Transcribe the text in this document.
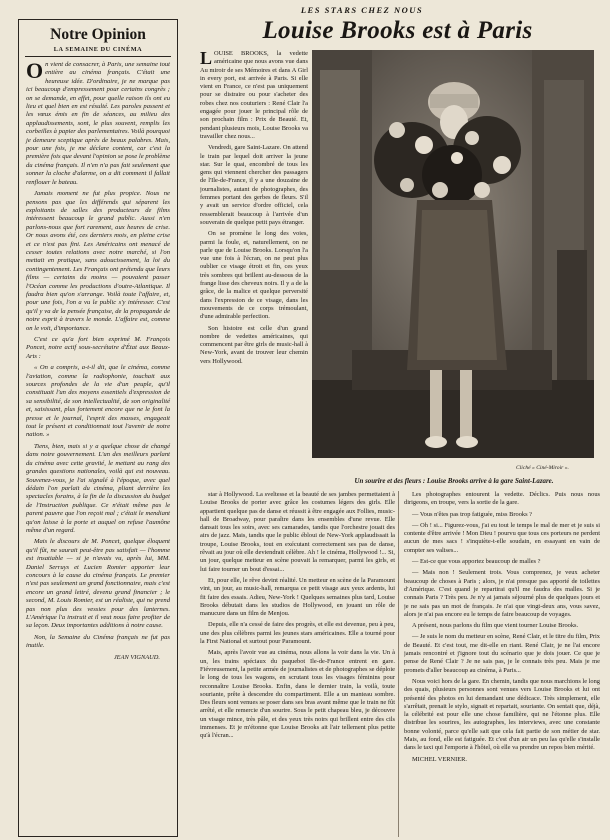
LES STARS CHEZ NOUS
Notre Opinion
LA SEMAINE DU CINÉMA

On vient de consacrer, à Paris, une semaine tout entière au cinéma français. C'était une heureuse idée. D'ordinaire, je ne marque pas ici beaucoup d'empressement pour certains congrès ; on se demande, en effet, pour quelle raison ils ont eu lieu et quel bien en est résulté. Les paroles passent et les vœux émis en fin de séances, au milieu des applaudissements, sont, le plus souvent, remplis les corbeilles à papier des parlementaires. Voilà pourquoi je demeure sceptique après de beaux palabres. Mais, pour une fois, je me déclare content, car c'est la première fois que devant l'opinion se pose le problème du cinéma français. Il n'en n'a pas fait seulement que sonner la cloche d'alarme, on a dit comment il fallait renflouer le bateau.

Jamais moment ne fut plus propice. Nous ne pensons pas que les différends qui séparent les exploitants de salles des producteurs de films intéressent beaucoup le grand public. Aussi n'en parlons-nous que fort rarement, aux heures de crise. Or nous avons été, ces derniers mois, en pleine crise et ce n'est pas fini. Les Américains ont menacé de cesser toutes relations avec notre marché, si l'on mettait en pratique, sans adoucissement, la loi du contingentement. Les Français ont prétendu que leurs films — certains du moins — pouvaient passer l'Océan comme les productions d'outre-Atlantique. Il faudra bien qu'on s'arrange. Voilà toute l'affaire, et, pour une fois, l'on a vu le public s'y intéresser. C'est qu'il y va de la pensée française, de la propagande de notre esprit à travers le monde. L'affaire est, comme on le voit, d'importance.

C'est ce qu'a fort bien exprimé M. François Poncet, notre actif sous-secrétaire d'État aux Beaux-Arts :

« On a compris, a-t-il dit, que le cinéma, comme l'aviation, comme la radiophonie, touchait aux sources profondes de la vie d'un peuple, qu'il constituait l'un des moyens essentiels d'expression de sa sensibilité, de son intellectualité, de son originalité et, saisissant, plus fortement encore que ne le font la presse et le journal, l'esprit des masses, engageait tout le présent et conditionnait tout l'avenir de notre nation. »

Tiens, bien, mais si y a quelque chose de changé dans notre gouvernement. L'un des meilleurs parlant du cinéma avec cette gravité, le mettant au rang des grandes questions nationales, voilà qui est nouveau. Souvenez-vous, je l'ai signalé à l'époque, avec quel dédain l'on parlait du cinéma, pliant derrière les spectacles forains, à la fin de la discussion du budget de l'Instruction publique. Ce n'était même pas le parent pauvre que l'on reçoit mal ; c'était le mendiant qu'on laisse à la porte et auquel on refuse l'aumône même d'un regard.

Mais le discours de M. Poncet, quelque éloquent qu'il fût, ne saurait peut-être pas satisfait — l'homme est insatiable — si je n'avais vu, après lui, MM. Daniel Serruys et Lucien Romier apporter leur concours à la cause du cinéma français. Le premier n'est pas seulement un grand fonctionnaire, mais c'est encore un grand lettré, devenu grand financier ; le second, M. Louis Romier, est un réaliste, qui ne prend pas non plus des vessies pour des lanternes. L'Amérique l'a instruit et il veut nous faire profiter de sa leçon. Deux importantes additions à notre cause.

Non, la Semaine du Cinéma français ne fut pas inutile.

JEAN VIGNAUD.
Louise Brooks est à Paris

LOUISE BROOKS, la vedette américaine que nous avons vue dans Au miroir de ses Mémoires et dans A Girl in every port, est arrivée à Paris. Si elle vient en France, ce n'est pas uniquement pour se distraire ou pour s'acheter des robes chez nos couturiers : René Clair l'a engagée pour jouer le principal rôle de son prochain film : Prix de Beauté. Et, pendant plusieurs mois, Louise Brooks va travailler chez nous...

Vendredi, gare Saint-Lazare. On attend le train par lequel doit arriver la jeune star. Sur le quai, encombré de tous les gens qui viennent chercher des passagers de l'Ile-de-France, il y a une douzaine de journalistes, autant de photographes, des femmes portant des gerbes de fleurs. S'il y avait un service d'ordre officiel, cela ressemblerait beaucoup à l'arrivée d'un souverain de quelque petit pays étranger.

On se promène le long des voies, parmi la foule, et, naturellement, on ne parle que de Louise Brooks. Lorsqu'on l'a vue une fois à l'écran, on ne peut plus oublier ce visage étroit et fin, ces yeux très sombres qui brillent au-dessous de la frange lisse des cheveux noirs. Il y a de la grâce, de la malice et quelque perversité dans l'expression de ce visage, dans les mouvements de ce corps trémoulant, d'une admirable perfection.

Son histoire est celle d'un grand nombre de vedettes américaines, qui commencent par être girls de music-hall à New-York, avant de trouver leur chemin vers Hollywood.

Cliché « Ciné-Miroir ».
Un sourire et des fleurs : Louise Brooks arrive à la gare Saint-Lazare.

star à Hollywood. La sveltesse et la beauté de ses jambes permettaient à Louise Brooks de porter avec grâce les costumes légers des girls. Elle appartient quelque pas de danse et réussit à être engagée aux Follies, music-hall de Broadway, pour paraître dans les ensembles d'une revue. Elle dansait tous les soirs, avec ses camarades, tandis que l'orchestre jouait des airs de jazz. Mais, tandis que le public ébloui de New-York applaudissait la troupe, Louise Brooks, tout en exécutant correctement ses pas de danse, rêvait au jour où elle deviendrait célèbre. Ah ! le cinéma, Hollywood !... Si, un jour, quelque metteur en scène pouvait la remarquer, parmi les girls, et lui faire tourner un bout d'essai...

Et, pour elle, le rêve devint réalité. Un metteur en scène de la Paramount vint, un jour, au music-hall, remarqua ce petit visage aux yeux ardents, lui fit faire des essais. Adieu, New-York ! Quelques semaines plus tard, Louise Brooks débutait dans les studios de Hollywood, en jouant un rôle de manucure dans un film de Menjou.

Depuis, elle n'a cessé de faire des progrès, et elle est devenue, peu à peu, une des plus célèbres parmi les jeunes stars américaines. Elle a tourné pour la First National et surtout pour Paramount.

Mais, après l'avoir vue au cinéma, nous allons la voir dans la vie. Un à un, les trains spéciaux du paquebot Ile-de-France entrent en gare. Fiévreusement, la petite armée de journalistes et de photographes se déploie le long de tous les wagons, en scrutant tous les visages féminins pour reconnaître Louise Brooks. Enfin, dans le dernier train, la voilà, toute souriante, prête à descendre du compartiment. Elle a un manteau sombre. Des fleurs sont venues se poser dans ses bras avant même que le train ne fût arrêté, et elle remercie d'un sourire. Sous le petit chapeau bleu, je découvre un visage mince, très pâle, et des yeux très noirs qui brillent entre des cils immenses. Et je m'étonne que Louise Brooks ait l'air tellement plus petite qu'à l'écran...

Les photographes entourent la vedette. Déclics. Puis nous nous dirigeons, en troupe, vers la sortie de la gare.

— Vous n'êtes pas trop fatiguée, miss Brooks ?

— Oh ! si... Figurez-vous, j'ai eu tout le temps le mal de mer et je suis si contente d'être arrivée ! Mon Dieu ! pourvu que tous ces porteurs ne perdent aucun de mes sacs ! s'inquiète-t-elle soudain, en essayant en vain de compter ses valises...

— Est-ce que vous apportez beaucoup de malles ?

— Mais non ! Seulement trois. Vous comprenez, je veux acheter beaucoup de choses à Paris ; alors, je n'ai presque pas apporté de toilettes d'Amérique. C'est quand je repartirai qu'il me faudra des malles. Si je connais Paris ? Très peu. Je n'y ai jamais séjourné plus de quelques jours et je ne sais pas un mot de français. Je n'ai que vingt-deux ans, vous savez, alors je n'ai pas encore eu le temps de faire beaucoup de voyages.

A présent, nous parlons du film que vient tourner Louise Brooks.

— Je suis le nom du metteur en scène, René Clair, et le titre du film, Prix de Beauté. Et c'est tout, me dit-elle en riant. René Clair, je ne l'ai encore jamais rencontré et j'ignore tout du scénario que je dois jouer. Ce que je pense de René Clair ? Je ne sais pas, je le connais très peu. Mais je me promets d'aller beaucoup au cinéma, à Paris...

Nous voici hors de la gare. En chemin, tandis que nous marchions le long des quais, plusieurs personnes sont venues vers Louise Brooks et lui ont présenté des photos en lui demandant une dédicace. Très simplement, elle s'arrêtait, prenait le stylo, signait et repartait, souriante. On sentait que, déjà, la célébrité est pour elle une chose familière, qui ne l'étonne plus. Elle distribue les sourires, les autographes, les interviews, avec une constante bonne volonté, parce qu'elle sait que cela fait partie de son métier de star. Mais, au fond, elle est fatiguée. Et c'est d'un air un peu las qu'elle s'installe dans le taxi qui l'emporte à l'hôtel, où elle va prendre un repos bien mérité.

MICHEL VERNIER.
